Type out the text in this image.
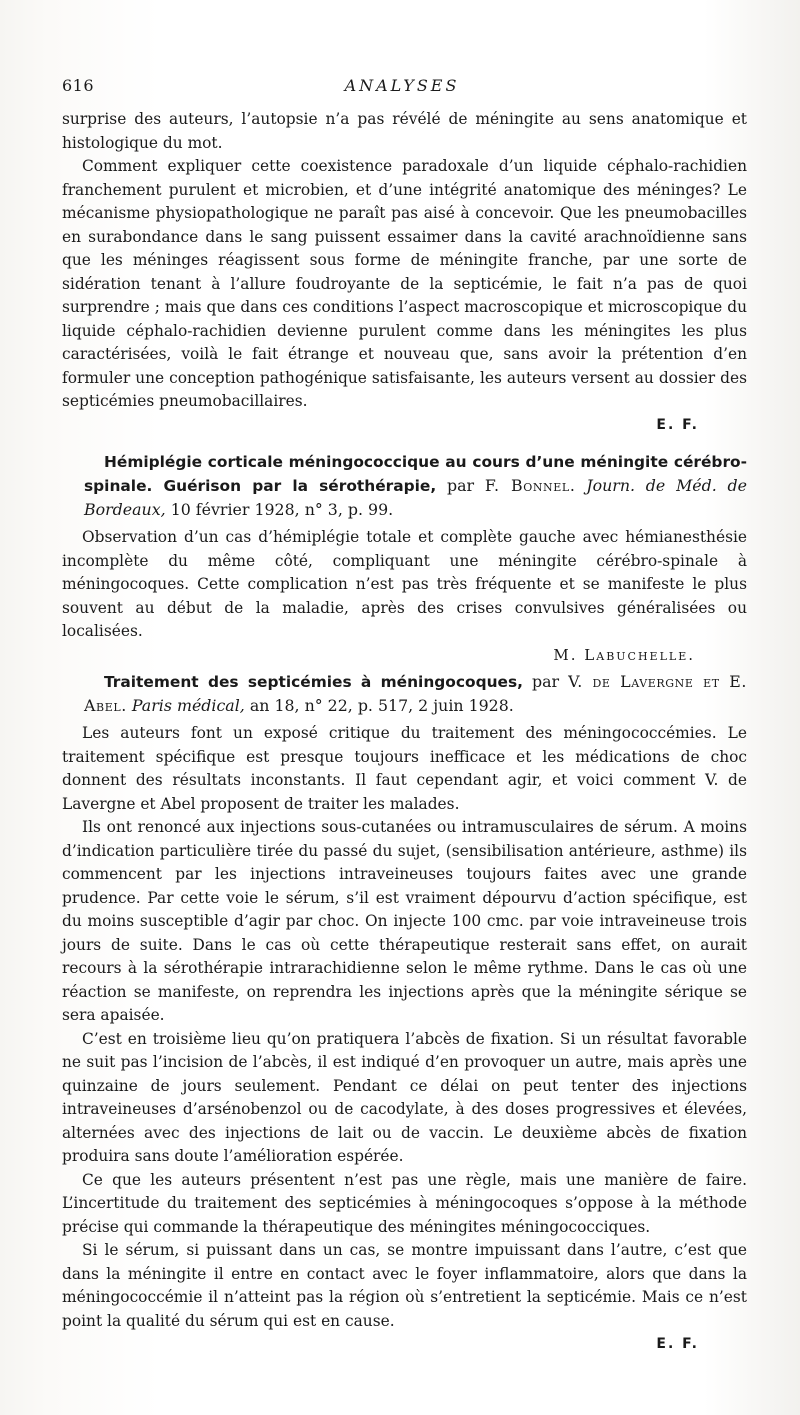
616	ANALYSES

surprise des auteurs, l’autopsie n’a pas révélé de méningite au sens anatomique et histologique du mot.

Comment expliquer cette coexistence paradoxale d’un liquide céphalo-rachidien franchement purulent et microbien, et d’une intégrité anatomique des méninges? Le mécanisme physiopathologique ne paraît pas aisé à concevoir. Que les pneumobacilles en surabondance dans le sang puissent essaimer dans la cavité arachnoïdienne sans que les méninges réagissent sous forme de méningite franche, par une sorte de sidération tenant à l’allure foudroyante de la septicémie, le fait n’a pas de quoi surprendre ; mais que dans ces conditions l’aspect macroscopique et microscopique du liquide céphalo-rachidien devienne purulent comme dans les méningites les plus caractérisées, voilà le fait étrange et nouveau que, sans avoir la prétention d’en formuler une conception pathogénique satisfaisante, les auteurs versent au dossier des septicémies pneumobacillaires.

E. F.

Hémiplégie corticale méningococcique au cours d’une méningite cérébro-spinale. Guérison par la sérothérapie, par F. Bonnel. Journ. de Méd. de Bordeaux, 10 février 1928, n° 3, p. 99.

Observation d’un cas d’hémiplégie totale et complète gauche avec hémianesthésie incomplète du même côté, compliquant une méningite cérébro-spinale à méningocoques. Cette complication n’est pas très fréquente et se manifeste le plus souvent au début de la maladie, après des crises convulsives généralisées ou localisées.

M. Labuchelle.

Traitement des septicémies à méningocoques, par V. de Lavergne et E. Abel. Paris médical, an 18, n° 22, p. 517, 2 juin 1928.

Les auteurs font un exposé critique du traitement des méningococcémies. Le traitement spécifique est presque toujours inefficace et les médications de choc donnent des résultats inconstants. Il faut cependant agir, et voici comment V. de Lavergne et Abel proposent de traiter les malades.

Ils ont renoncé aux injections sous-cutanées ou intramusculaires de sérum. A moins d’indication particulière tirée du passé du sujet, (sensibilisation antérieure, asthme) ils commencent par les injections intraveineuses toujours faites avec une grande prudence. Par cette voie le sérum, s’il est vraiment dépourvu d’action spécifique, est du moins susceptible d’agir par choc. On injecte 100 cmc. par voie intraveineuse trois jours de suite. Dans le cas où cette thérapeutique resterait sans effet, on aurait recours à la sérothérapie intrarachidienne selon le même rythme. Dans le cas où une réaction se manifeste, on reprendra les injections après que la méningite sérique se sera apaisée.

C’est en troisième lieu qu’on pratiquera l’abcès de fixation. Si un résultat favorable ne suit pas l’incision de l’abcès, il est indiqué d’en provoquer un autre, mais après une quinzaine de jours seulement. Pendant ce délai on peut tenter des injections intraveineuses d’arsénobenzol ou de cacodylate, à des doses progressives et élevées, alternées avec des injections de lait ou de vaccin. Le deuxième abcès de fixation produira sans doute l’amélioration espérée.

Ce que les auteurs présentent n’est pas une règle, mais une manière de faire. L’incertitude du traitement des septicémies à méningocoques s’oppose à la méthode précise qui commande la thérapeutique des méningites méningococciques.

Si le sérum, si puissant dans un cas, se montre impuissant dans l’autre, c’est que dans la méningite il entre en contact avec le foyer inflammatoire, alors que dans la méningococcémie il n’atteint pas la région où s’entretient la septicémie. Mais ce n’est point la qualité du sérum qui est en cause.

E. F.
